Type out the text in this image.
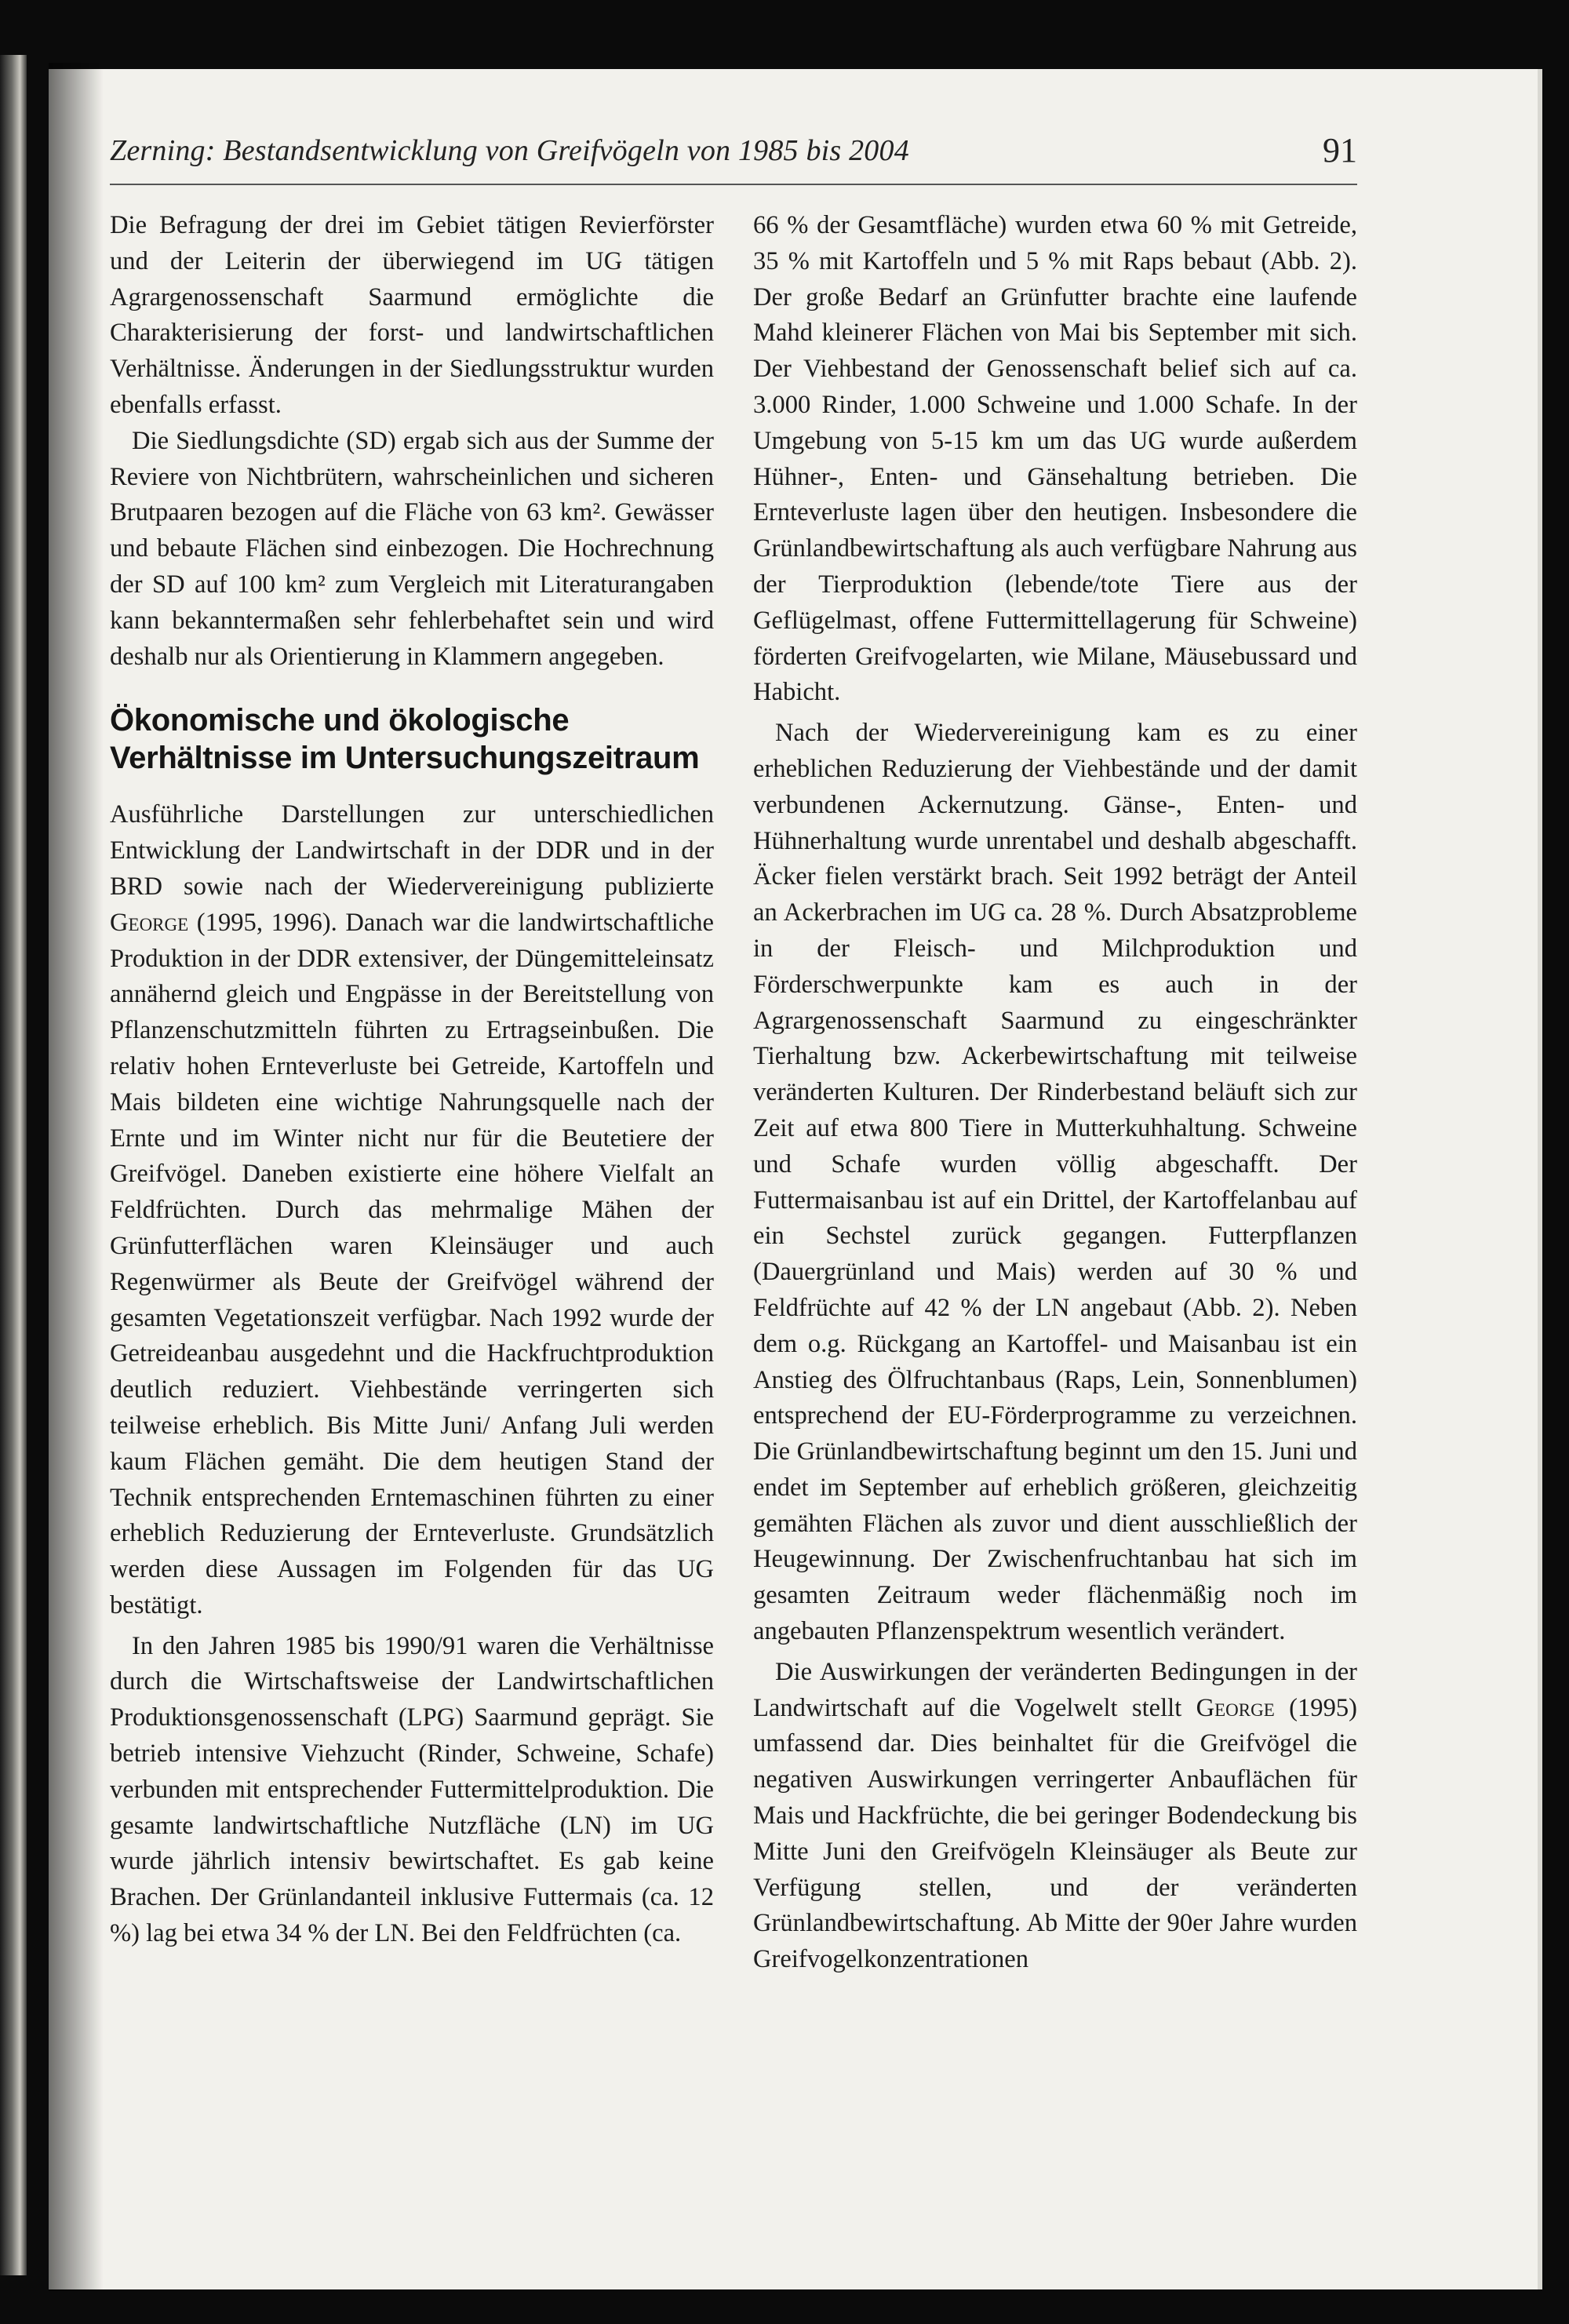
Zerning: Bestandsentwicklung von Greifvögeln von 1985 bis 2004	91

Die Befragung der drei im Gebiet tätigen Revierförster und der Leiterin der überwiegend im UG tätigen Agrargenossenschaft Saarmund ermöglichte die Charakterisierung der forst- und landwirtschaftlichen Verhältnisse. Änderungen in der Siedlungsstruktur wurden ebenfalls erfasst.

Die Siedlungsdichte (SD) ergab sich aus der Summe der Reviere von Nichtbrütern, wahrscheinlichen und sicheren Brutpaaren bezogen auf die Fläche von 63 km². Gewässer und bebaute Flächen sind einbezogen. Die Hochrechnung der SD auf 100 km² zum Vergleich mit Literaturangaben kann bekanntermaßen sehr fehlerbehaftet sein und wird deshalb nur als Orientierung in Klammern angegeben.

Ökonomische und ökologische Verhältnisse im Untersuchungszeitraum

Ausführliche Darstellungen zur unterschiedlichen Entwicklung der Landwirtschaft in der DDR und in der BRD sowie nach der Wiedervereinigung publizierte George (1995, 1996). Danach war die landwirtschaftliche Produktion in der DDR extensiver, der Düngemitteleinsatz annähernd gleich und Engpässe in der Bereitstellung von Pflanzenschutzmitteln führten zu Ertragseinbußen. Die relativ hohen Ernteverluste bei Getreide, Kartoffeln und Mais bildeten eine wichtige Nahrungsquelle nach der Ernte und im Winter nicht nur für die Beutetiere der Greifvögel. Daneben existierte eine höhere Vielfalt an Feldfrüchten. Durch das mehrmalige Mähen der Grünfutterflächen waren Kleinsäuger und auch Regenwürmer als Beute der Greifvögel während der gesamten Vegetationszeit verfügbar. Nach 1992 wurde der Getreideanbau ausgedehnt und die Hackfruchtproduktion deutlich reduziert. Viehbestände verringerten sich teilweise erheblich. Bis Mitte Juni/ Anfang Juli werden kaum Flächen gemäht. Die dem heutigen Stand der Technik entsprechenden Erntemaschinen führten zu einer erheblich Reduzierung der Ernteverluste. Grundsätzlich werden diese Aussagen im Folgenden für das UG bestätigt.

In den Jahren 1985 bis 1990/91 waren die Verhältnisse durch die Wirtschaftsweise der Landwirtschaftlichen Produktionsgenossenschaft (LPG) Saarmund geprägt. Sie betrieb intensive Viehzucht (Rinder, Schweine, Schafe) verbunden mit entsprechender Futtermittelproduktion. Die gesamte landwirtschaftliche Nutzfläche (LN) im UG wurde jährlich intensiv bewirtschaftet. Es gab keine Brachen. Der Grünlandanteil inklusive Futtermais (ca. 12 %) lag bei etwa 34 % der LN. Bei den Feldfrüchten (ca.

66 % der Gesamtfläche) wurden etwa 60 % mit Getreide, 35 % mit Kartoffeln und 5 % mit Raps bebaut (Abb. 2). Der große Bedarf an Grünfutter brachte eine laufende Mahd kleinerer Flächen von Mai bis September mit sich. Der Viehbestand der Genossenschaft belief sich auf ca. 3.000 Rinder, 1.000 Schweine und 1.000 Schafe. In der Umgebung von 5-15 km um das UG wurde außerdem Hühner-, Enten- und Gänsehaltung betrieben. Die Ernteverluste lagen über den heutigen. Insbesondere die Grünlandbewirtschaftung als auch verfügbare Nahrung aus der Tierproduktion (lebende/tote Tiere aus der Geflügelmast, offene Futtermittellagerung für Schweine) förderten Greifvogelarten, wie Milane, Mäusebussard und Habicht.

Nach der Wiedervereinigung kam es zu einer erheblichen Reduzierung der Viehbestände und der damit verbundenen Ackernutzung. Gänse-, Enten- und Hühnerhaltung wurde unrentabel und deshalb abgeschafft. Äcker fielen verstärkt brach. Seit 1992 beträgt der Anteil an Ackerbrachen im UG ca. 28 %. Durch Absatzprobleme in der Fleisch- und Milchproduktion und Förderschwerpunkte kam es auch in der Agrargenossenschaft Saarmund zu eingeschränkter Tierhaltung bzw. Ackerbewirtschaftung mit teilweise veränderten Kulturen. Der Rinderbestand beläuft sich zur Zeit auf etwa 800 Tiere in Mutterkuhhaltung. Schweine und Schafe wurden völlig abgeschafft. Der Futtermaisanbau ist auf ein Drittel, der Kartoffelanbau auf ein Sechstel zurück gegangen. Futterpflanzen (Dauergrünland und Mais) werden auf 30 % und Feldfrüchte auf 42 % der LN angebaut (Abb. 2). Neben dem o.g. Rückgang an Kartoffel- und Maisanbau ist ein Anstieg des Ölfruchtanbaus (Raps, Lein, Sonnenblumen) entsprechend der EU-Förderprogramme zu verzeichnen. Die Grünlandbewirtschaftung beginnt um den 15. Juni und endet im September auf erheblich größeren, gleichzeitig gemähten Flächen als zuvor und dient ausschließlich der Heugewinnung. Der Zwischenfruchtanbau hat sich im gesamten Zeitraum weder flächenmäßig noch im angebauten Pflanzenspektrum wesentlich verändert.

Die Auswirkungen der veränderten Bedingungen in der Landwirtschaft auf die Vogelwelt stellt George (1995) umfassend dar. Dies beinhaltet für die Greifvögel die negativen Auswirkungen verringerter Anbauflächen für Mais und Hackfrüchte, die bei geringer Bodendeckung bis Mitte Juni den Greifvögeln Kleinsäuger als Beute zur Verfügung stellen, und der veränderten Grünlandbewirtschaftung. Ab Mitte der 90er Jahre wurden Greifvogelkonzentrationen
